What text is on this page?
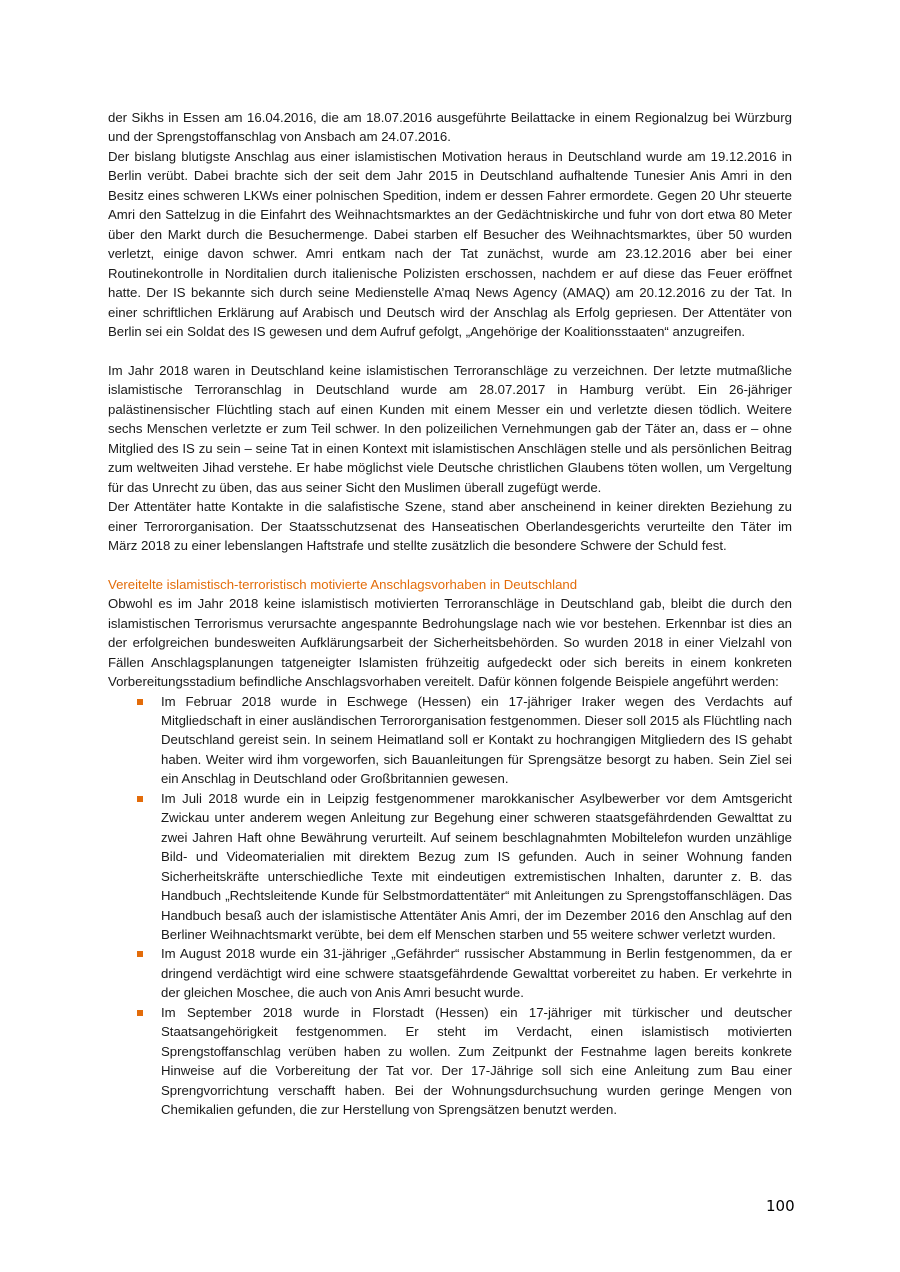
der Sikhs in Essen am 16.04.2016, die am 18.07.2016 ausgeführte Beilattacke in einem Regionalzug bei Würzburg und der Sprengstoffanschlag von Ansbach am 24.07.2016.

Der bislang blutigste Anschlag aus einer islamistischen Motivation heraus in Deutschland wurde am 19.12.2016 in Berlin verübt. Dabei brachte sich der seit dem Jahr 2015 in Deutschland aufhaltende Tunesier Anis Amri in den Besitz eines schweren LKWs einer polnischen Spedition, indem er dessen Fahrer ermordete. Gegen 20 Uhr steuerte Amri den Sattelzug in die Einfahrt des Weihnachtsmarktes an der Gedächtniskirche und fuhr von dort etwa 80 Meter über den Markt durch die Besuchermenge. Dabei starben elf Besucher des Weihnachtsmarktes, über 50 wurden verletzt, einige davon schwer. Amri entkam nach der Tat zunächst, wurde am 23.12.2016 aber bei einer Routinekontrolle in Norditalien durch italienische Polizisten erschossen, nachdem er auf diese das Feuer eröffnet hatte. Der IS bekannte sich durch seine Medienstelle A’maq News Agency (AMAQ) am 20.12.2016 zu der Tat. In einer schriftlichen Erklärung auf Arabisch und Deutsch wird der Anschlag als Erfolg gepriesen. Der Attentäter von Berlin sei ein Soldat des IS gewesen und dem Aufruf gefolgt, „Angehörige der Koalitionsstaaten“ anzugreifen.

Im Jahr 2018 waren in Deutschland keine islamistischen Terroranschläge zu verzeichnen. Der letzte mutmaßliche islamistische Terroranschlag in Deutschland wurde am 28.07.2017 in Hamburg verübt. Ein 26-jähriger palästinensischer Flüchtling stach auf einen Kunden mit einem Messer ein und verletzte diesen tödlich. Weitere sechs Menschen verletzte er zum Teil schwer. In den polizeilichen Vernehmungen gab der Täter an, dass er – ohne Mitglied des IS zu sein – seine Tat in einen Kontext mit islamistischen Anschlägen stelle und als persönlichen Beitrag zum weltweiten Jihad verstehe. Er habe möglichst viele Deutsche christlichen Glaubens töten wollen, um Vergeltung für das Unrecht zu üben, das aus seiner Sicht den Muslimen überall zugefügt werde.

Der Attentäter hatte Kontakte in die salafistische Szene, stand aber anscheinend in keiner direkten Beziehung zu einer Terrororganisation. Der Staatsschutzsenat des Hanseatischen Oberlandesgerichts verurteilte den Täter im März 2018 zu einer lebenslangen Haftstrafe und stellte zusätzlich die besondere Schwere der Schuld fest.

Vereitelte islamistisch-terroristisch motivierte Anschlagsvorhaben in Deutschland

Obwohl es im Jahr 2018 keine islamistisch motivierten Terroranschläge in Deutschland gab, bleibt die durch den islamistischen Terrorismus verursachte angespannte Bedrohungslage nach wie vor bestehen. Erkennbar ist dies an der erfolgreichen bundesweiten Aufklärungsarbeit der Sicherheitsbehörden. So wurden 2018 in einer Vielzahl von Fällen Anschlagsplanungen tatgeneigter Islamisten frühzeitig aufgedeckt oder sich bereits in einem konkreten Vorbereitungsstadium befindliche Anschlagsvorhaben vereitelt. Dafür können folgende Beispiele angeführt werden:

Im Februar 2018 wurde in Eschwege (Hessen) ein 17-jähriger Iraker wegen des Verdachts auf Mitgliedschaft in einer ausländischen Terrororganisation festgenommen. Dieser soll 2015 als Flüchtling nach Deutschland gereist sein. In seinem Heimatland soll er Kontakt zu hochrangigen Mitgliedern des IS gehabt haben. Weiter wird ihm vorgeworfen, sich Bauanleitungen für Sprengsätze besorgt zu haben. Sein Ziel sei ein Anschlag in Deutschland oder Großbritannien gewesen.
Im Juli 2018 wurde ein in Leipzig festgenommener marokkanischer Asylbewerber vor dem Amtsgericht Zwickau unter anderem wegen Anleitung zur Begehung einer schweren staatsgefährdenden Gewalttat zu zwei Jahren Haft ohne Bewährung verurteilt. Auf seinem beschlagnahmten Mobiltelefon wurden unzählige Bild- und Videomaterialien mit direktem Bezug zum IS gefunden. Auch in seiner Wohnung fanden Sicherheitskräfte unterschiedliche Texte mit eindeutigen extremistischen Inhalten, darunter z. B. das Handbuch „Rechtsleitende Kunde für Selbstmordattentäter“ mit Anleitungen zu Sprengstoffanschlägen. Das Handbuch besaß auch der islamistische Attentäter Anis Amri, der im Dezember 2016 den Anschlag auf den Berliner Weihnachtsmarkt verübte, bei dem elf Menschen starben und 55 weitere schwer verletzt wurden.
Im August 2018 wurde ein 31-jähriger „Gefährder“ russischer Abstammung in Berlin festgenommen, da er dringend verdächtigt wird eine schwere staatsgefährdende Gewalttat vorbereitet zu haben. Er verkehrte in der gleichen Moschee, die auch von Anis Amri besucht wurde.
Im September 2018 wurde in Florstadt (Hessen) ein 17-jähriger mit türkischer und deutscher Staatsangehörigkeit festgenommen. Er steht im Verdacht, einen islamistisch motivierten Sprengstoffanschlag verüben haben zu wollen. Zum Zeitpunkt der Festnahme lagen bereits konkrete Hinweise auf die Vorbereitung der Tat vor. Der 17-Jährige soll sich eine Anleitung zum Bau einer Sprengvorrichtung verschafft haben. Bei der Wohnungsdurchsuchung wurden geringe Mengen von Chemikalien gefunden, die zur Herstellung von Sprengsätzen benutzt werden.
100
